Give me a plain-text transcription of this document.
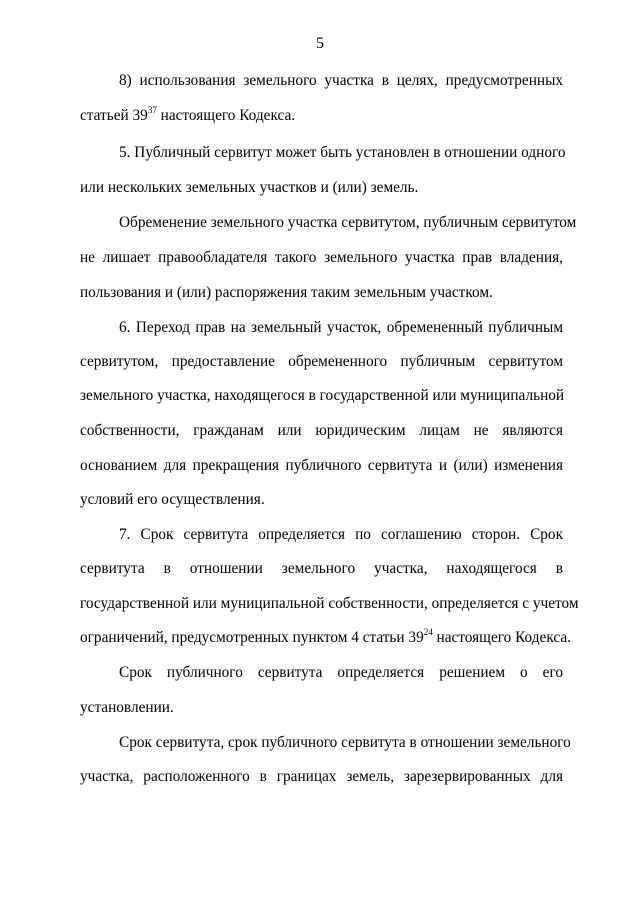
5
8) использования земельного участка в целях, предусмотренных
статьей $39^{37}$ настоящего Кодекса.
5. Публичный сервитут может быть установлен в отношении одного
или нескольких земельных участков и (или) земель.
Обременение земельного участка сервитутом, публичным сервитутом
не лишает правообладателя такого земельного участка прав владения,
пользования и (или) распоряжения таким земельным участком.
6. Переход прав на земельный участок, обремененный публичным
сервитутом, предоставление обремененного публичным сервитутом
земельного участка, находящегося в государственной или муниципальной
собственности, гражданам или юридическим лицам не являются
основанием для прекращения публичного сервитута и (или) изменения
условий его осуществления.
7. Срок сервитута определяется по соглашению сторон. Срок
сервитута в отношении земельного участка, находящегося в
государственной или муниципальной собственности, определяется с учетом
ограничений, предусмотренных пунктом 4 статьи $39^{24}$ настоящего Кодекса.
Срок публичного сервитута определяется решением о его
установлении.
Срок сервитута, срок публичного сервитута в отношении земельного
участка, расположенного в границах земель, зарезервированных для
